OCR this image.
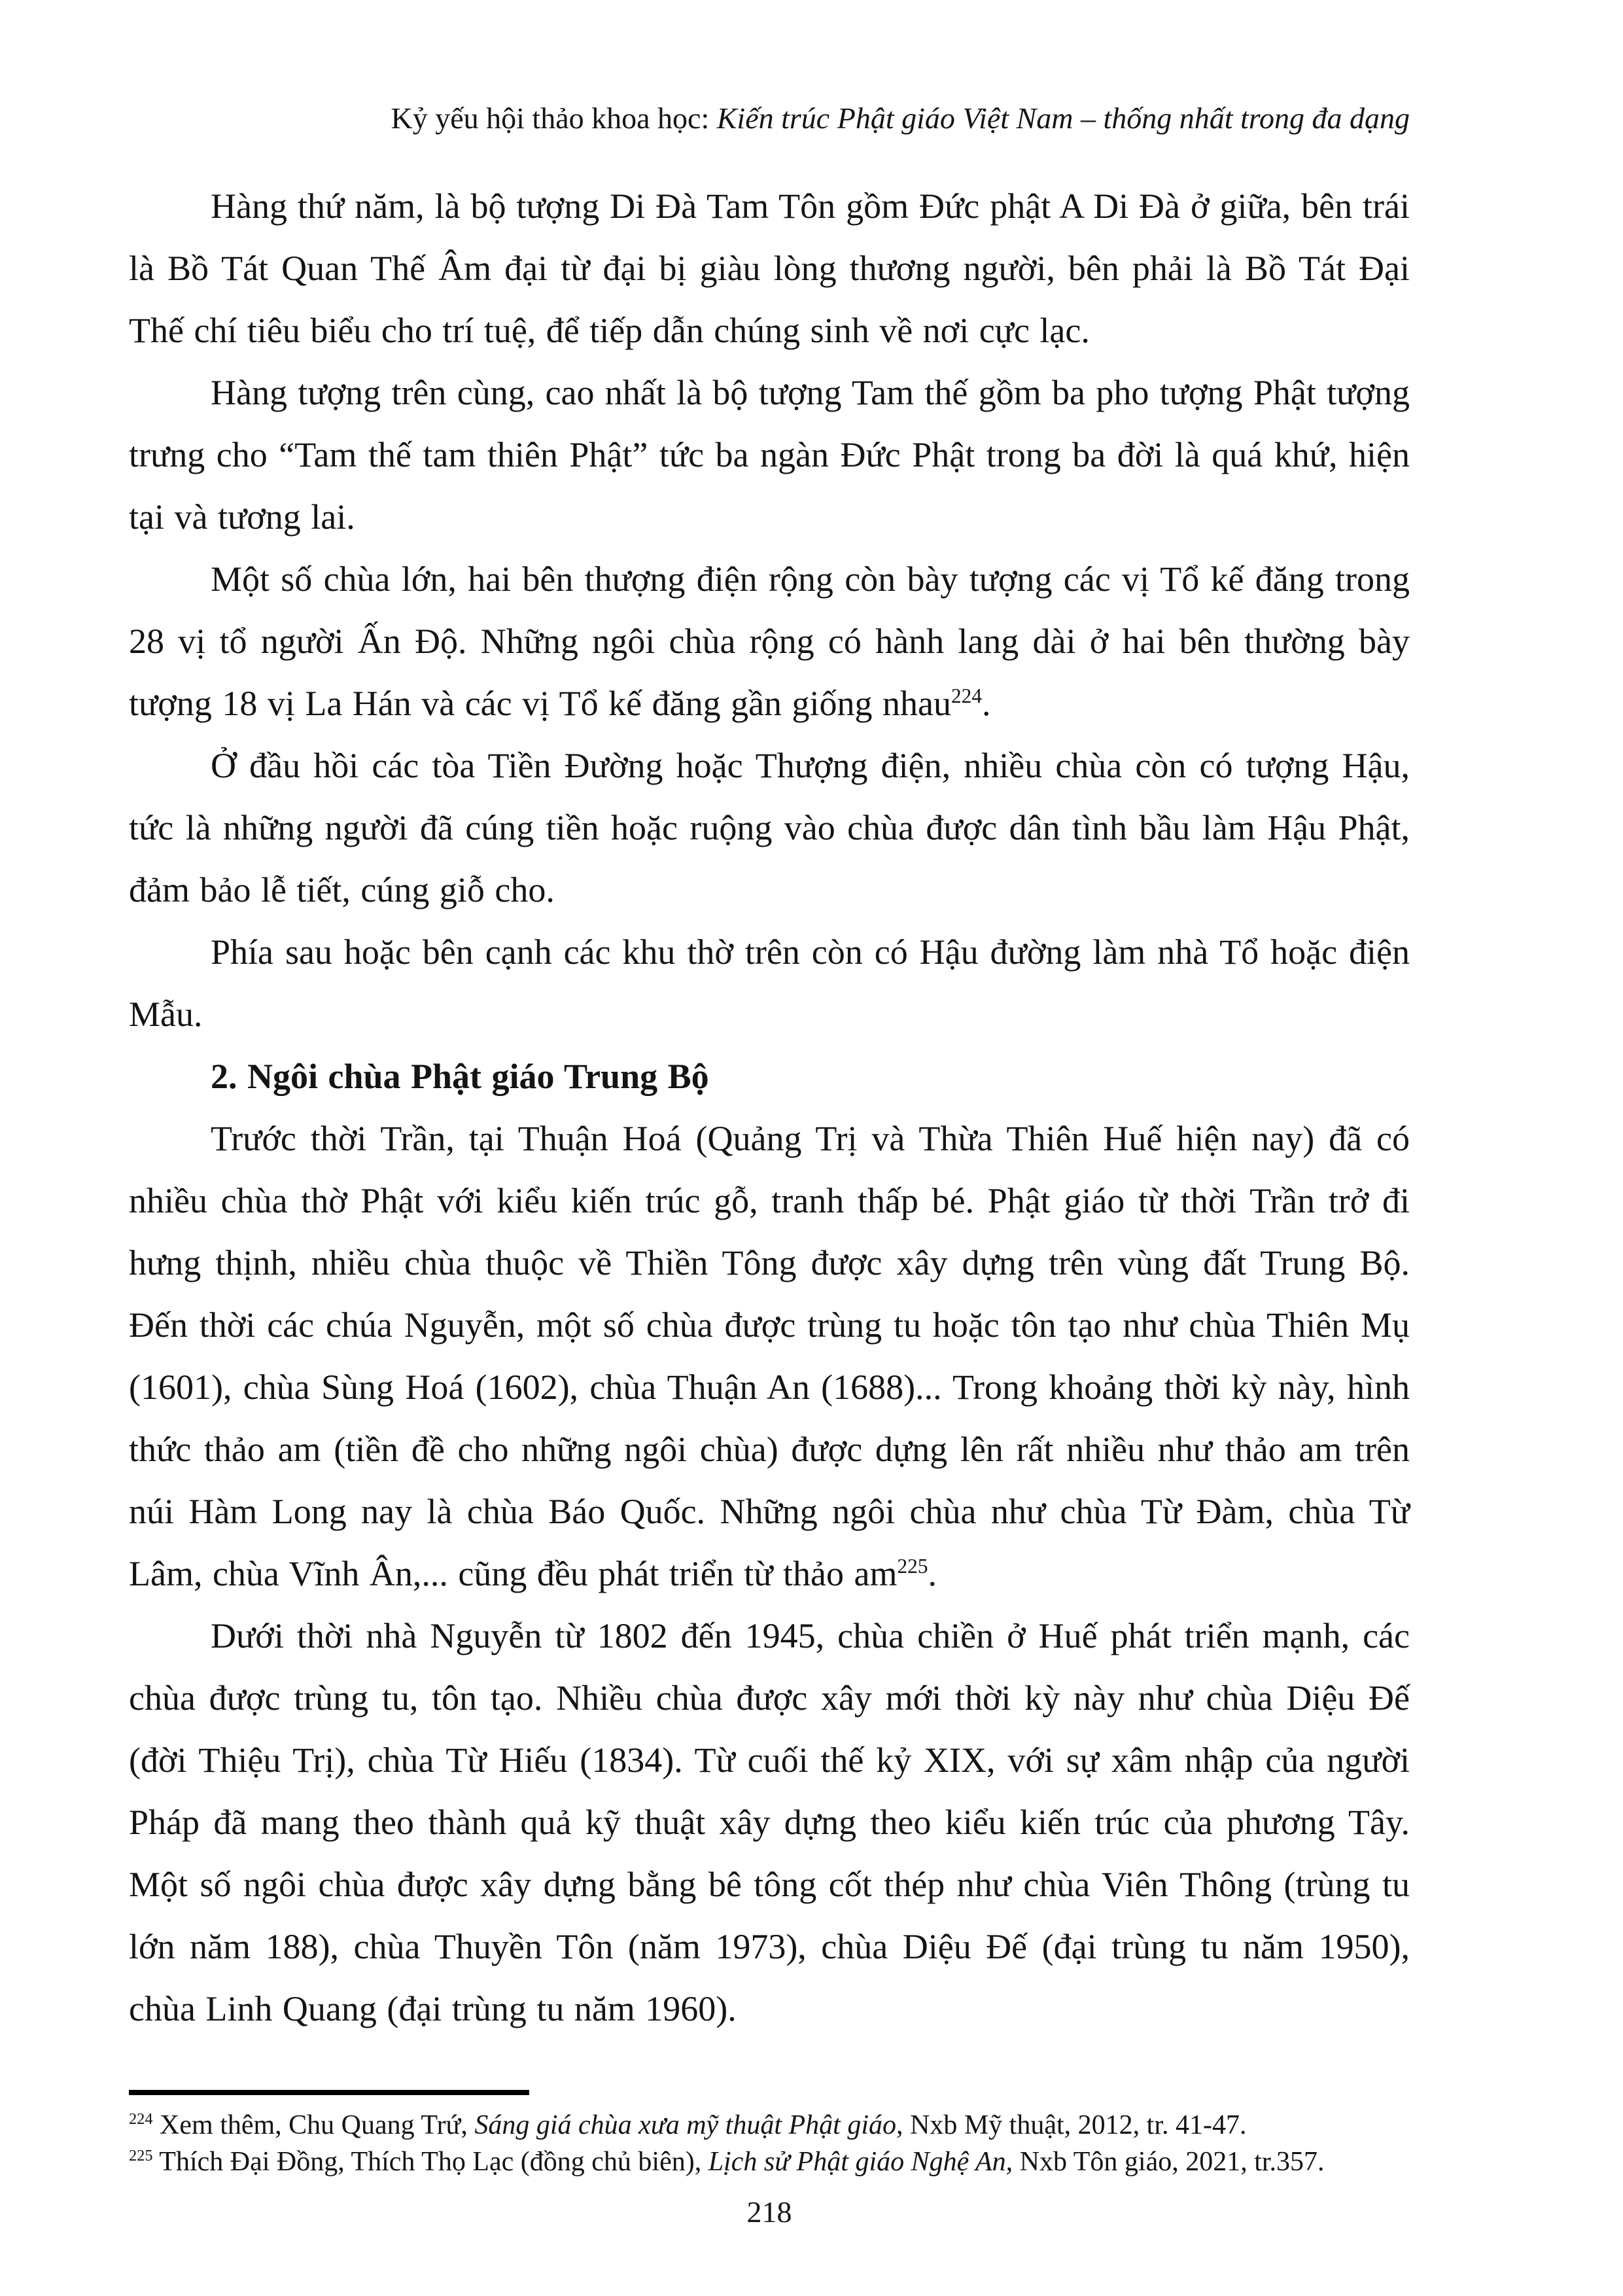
Kỷ yếu hội thảo khoa học: Kiến trúc Phật giáo Việt Nam – thống nhất trong đa dạng

Hàng thứ năm, là bộ tượng Di Đà Tam Tôn gồm Đức phật A Di Đà ở giữa, bên trái là Bồ Tát Quan Thế Âm đại từ đại bị giàu lòng thương người, bên phải là Bồ Tát Đại Thế chí tiêu biểu cho trí tuệ, để tiếp dẫn chúng sinh về nơi cực lạc.

Hàng tượng trên cùng, cao nhất là bộ tượng Tam thế gồm ba pho tượng Phật tượng trưng cho “Tam thế tam thiên Phật” tức ba ngàn Đức Phật trong ba đời là quá khứ, hiện tại và tương lai.

Một số chùa lớn, hai bên thượng điện rộng còn bày tượng các vị Tổ kế đăng trong 28 vị tổ người Ấn Độ. Những ngôi chùa rộng có hành lang dài ở hai bên thường bày tượng 18 vị La Hán và các vị Tổ kế đăng gần giống nhau$^{224}$.

Ở đầu hồi các tòa Tiền Đường hoặc Thượng điện, nhiều chùa còn có tượng Hậu, tức là những người đã cúng tiền hoặc ruộng vào chùa được dân tình bầu làm Hậu Phật, đảm bảo lễ tiết, cúng giỗ cho.

Phía sau hoặc bên cạnh các khu thờ trên còn có Hậu đường làm nhà Tổ hoặc điện Mẫu.

2. Ngôi chùa Phật giáo Trung Bộ

Trước thời Trần, tại Thuận Hoá (Quảng Trị và Thừa Thiên Huế hiện nay) đã có nhiều chùa thờ Phật với kiểu kiến trúc gỗ, tranh thấp bé. Phật giáo từ thời Trần trở đi hưng thịnh, nhiều chùa thuộc về Thiền Tông được xây dựng trên vùng đất Trung Bộ. Đến thời các chúa Nguyễn, một số chùa được trùng tu hoặc tôn tạo như chùa Thiên Mụ (1601), chùa Sùng Hoá (1602), chùa Thuận An (1688)... Trong khoảng thời kỳ này, hình thức thảo am (tiền đề cho những ngôi chùa) được dựng lên rất nhiều như thảo am trên núi Hàm Long nay là chùa Báo Quốc. Những ngôi chùa như chùa Từ Đàm, chùa Từ Lâm, chùa Vĩnh Ân,... cũng đều phát triển từ thảo $am^{225}$.

Dưới thời nhà Nguyễn từ 1802 đến 1945, chùa chiền ở Huế phát triển mạnh, các chùa được trùng tu, tôn tạo. Nhiều chùa được xây mới thời kỳ này như chùa Diệu Đế (đời Thiệu Trị), chùa Từ Hiếu (1834). Từ cuối thế kỷ XIX, với sự xâm nhập của người Pháp đã mang theo thành quả kỹ thuật xây dựng theo kiểu kiến trúc của phương Tây. Một số ngôi chùa được xây dựng bằng bê tông cốt thép như chùa Viên Thông (trùng tu lớn năm 188), chùa Thuyền Tôn (năm 1973), chùa Diệu Đế (đại trùng tu năm 1950), chùa Linh Quang (đại trùng tu năm 1960).

$^{224}$ Xem thêm, Chu Quang Trứ, Sáng giá chùa xưa mỹ thuật Phật giáo, Nxb Mỹ thuật, 2012, tr. 41-47.

$^{225}$ Thích Đại Đồng, Thích Thọ Lạc (đồng chủ biên), Lịch sử Phật giáo Nghệ An, Nxb Tôn giáo, 2021, tr.357.

218
